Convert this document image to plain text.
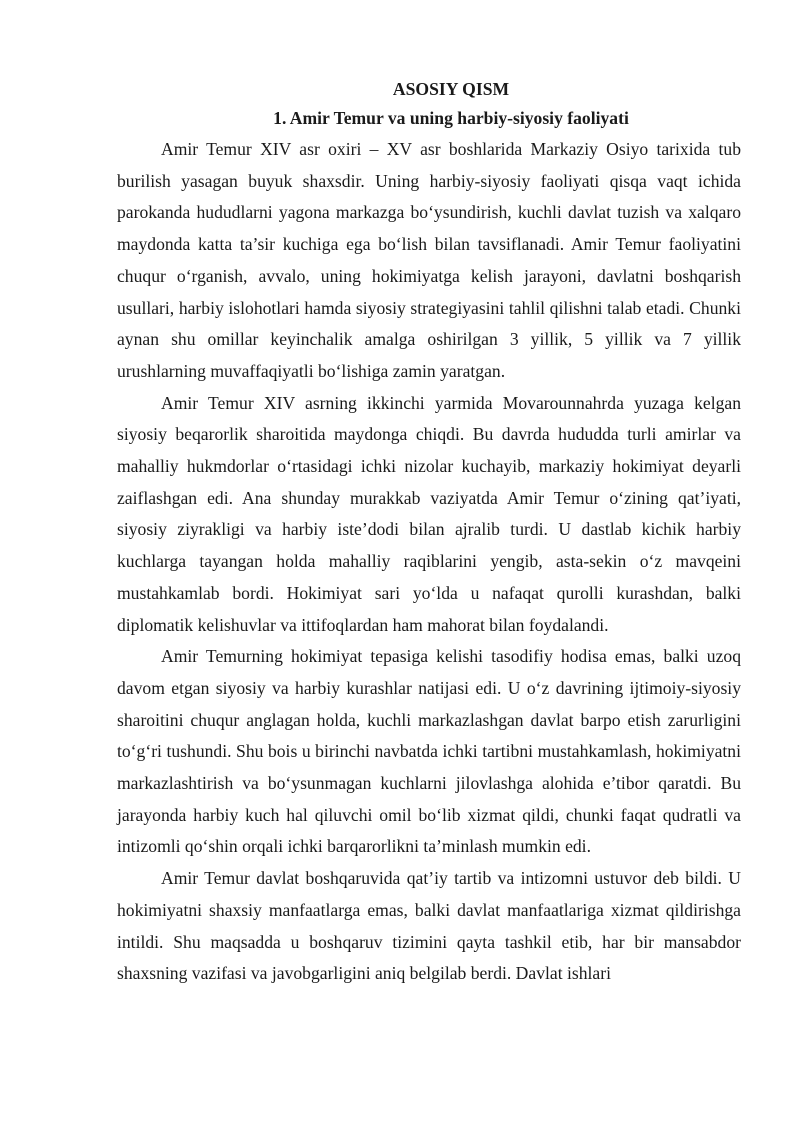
ASOSIY QISM

1. Amir Temur va uning harbiy-siyosiy faoliyati

Amir Temur XIV asr oxiri – XV asr boshlarida Markaziy Osiyo tarixida tub burilish yasagan buyuk shaxsdir. Uning harbiy-siyosiy faoliyati qisqa vaqt ichida parokanda hududlarni yagona markazga bo‘ysundirish, kuchli davlat tuzish va xalqaro maydonda katta ta’sir kuchiga ega bo‘lish bilan tavsiflanadi. Amir Temur faoliyatini chuqur o‘rganish, avvalo, uning hokimiyatga kelish jarayoni, davlatni boshqarish usullari, harbiy islohotlari hamda siyosiy strategiyasini tahlil qilishni talab etadi. Chunki aynan shu omillar keyinchalik amalga oshirilgan 3 yillik, 5 yillik va 7 yillik urushlarning muvaffaqiyatli bo‘lishiga zamin yaratgan.

Amir Temur XIV asrning ikkinchi yarmida Movarounnahrda yuzaga kelgan siyosiy beqarorlik sharoitida maydonga chiqdi. Bu davrda hududda turli amirlar va mahalliy hukmdorlar o‘rtasidagi ichki nizolar kuchayib, markaziy hokimiyat deyarli zaiflashgan edi. Ana shunday murakkab vaziyatda Amir Temur o‘zining qat’iyati, siyosiy ziyrakligi va harbiy iste’dodi bilan ajralib turdi. U dastlab kichik harbiy kuchlarga tayangan holda mahalliy raqiblarini yengib, asta-sekin o‘z mavqeini mustahkamlab bordi. Hokimiyat sari yo‘lda u nafaqat qurolli kurashdan, balki diplomatik kelishuvlar va ittifoqlardan ham mahorat bilan foydalandi.

Amir Temurning hokimiyat tepasiga kelishi tasodifiy hodisa emas, balki uzoq davom etgan siyosiy va harbiy kurashlar natijasi edi. U o‘z davrining ijtimoiy-siyosiy sharoitini chuqur anglagan holda, kuchli markazlashgan davlat barpo etish zarurligini to‘g‘ri tushundi. Shu bois u birinchi navbatda ichki tartibni mustahkamlash, hokimiyatni markazlashtirish va bo‘ysunmagan kuchlarni jilovlashga alohida e’tibor qaratdi. Bu jarayonda harbiy kuch hal qiluvchi omil bo‘lib xizmat qildi, chunki faqat qudratli va intizomli qo‘shin orqali ichki barqarorlikni ta’minlash mumkin edi.

Amir Temur davlat boshqaruvida qat’iy tartib va intizomni ustuvor deb bildi. U hokimiyatni shaxsiy manfaatlarga emas, balki davlat manfaatlariga xizmat qildirishga intildi. Shu maqsadda u boshqaruv tizimini qayta tashkil etib, har bir mansabdor shaxsning vazifasi va javobgarligini aniq belgilab berdi. Davlat ishlari
